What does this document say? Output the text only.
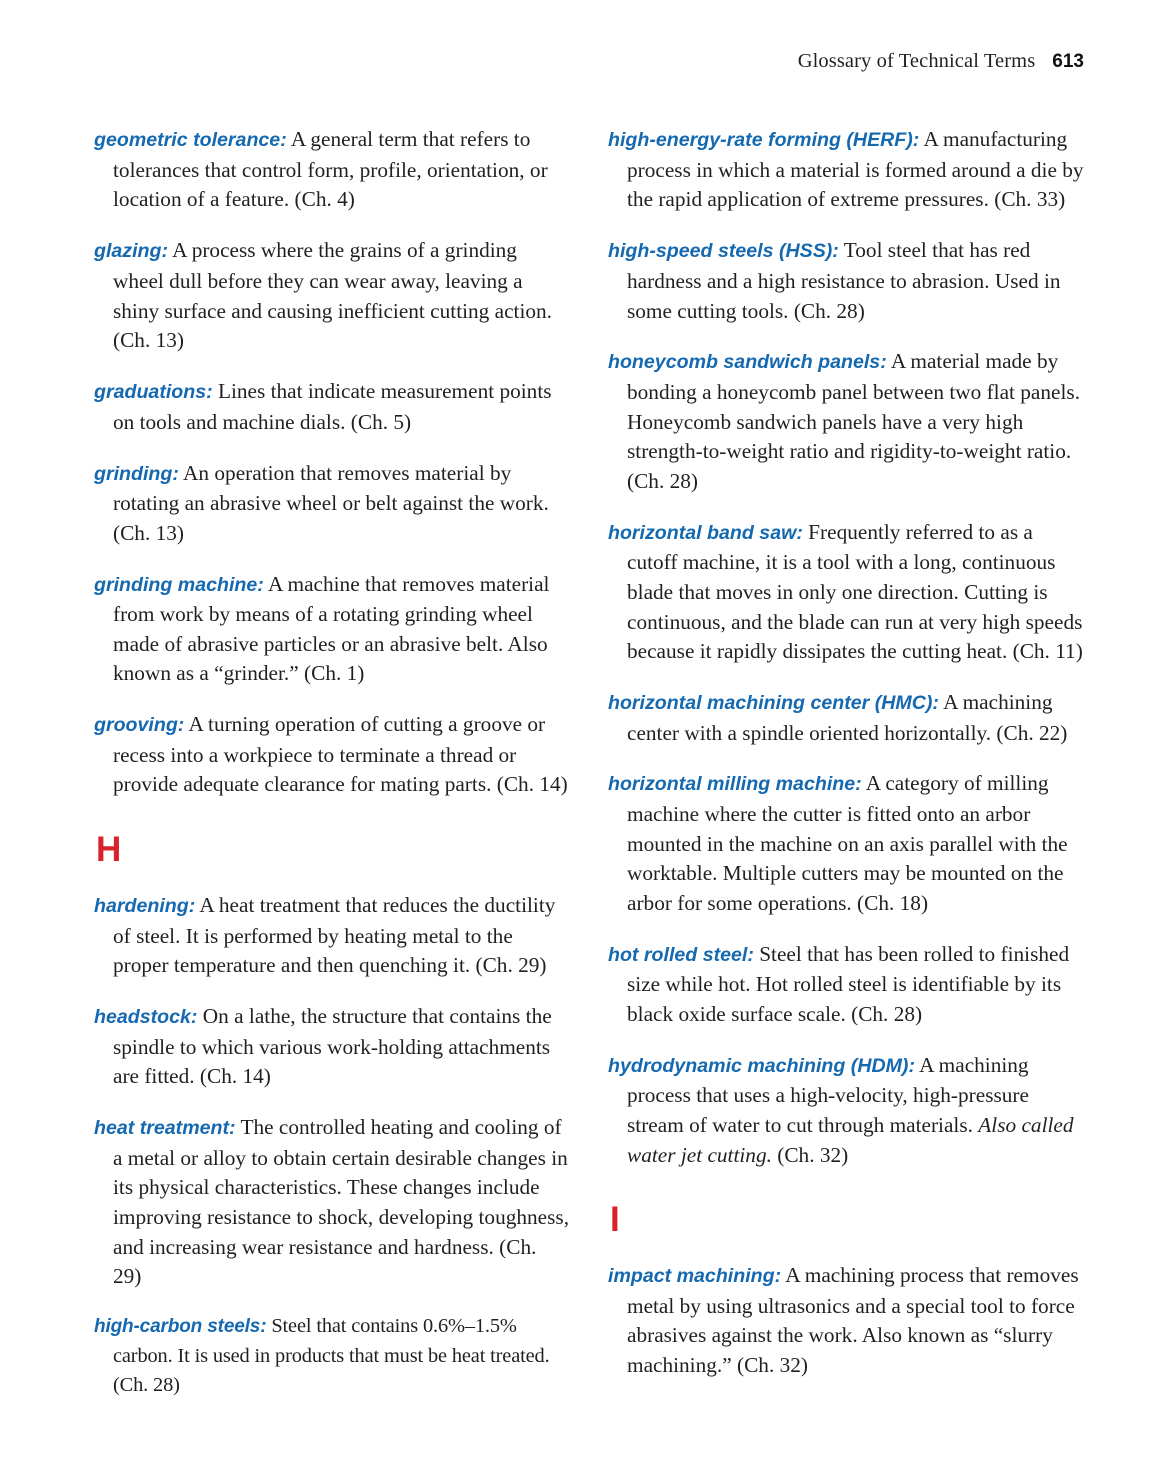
Glossary of Technical Terms 613

geometric tolerance: A general term that refers to tolerances that control form, profile, orientation, or location of a feature. (Ch. 4)

glazing: A process where the grains of a grinding wheel dull before they can wear away, leaving a shiny surface and causing inefficient cutting action. (Ch. 13)

graduations: Lines that indicate measurement points on tools and machine dials. (Ch. 5)

grinding: An operation that removes material by rotating an abrasive wheel or belt against the work. (Ch. 13)

grinding machine: A machine that removes material from work by means of a rotating grinding wheel made of abrasive particles or an abrasive belt. Also known as a “grinder.” (Ch. 1)

grooving: A turning operation of cutting a groove or recess into a workpiece to terminate a thread or provide adequate clearance for mating parts. (Ch. 14)

H

hardening: A heat treatment that reduces the ductility of steel. It is performed by heating metal to the proper temperature and then quenching it. (Ch. 29)

headstock: On a lathe, the structure that contains the spindle to which various work-holding attachments are fitted. (Ch. 14)

heat treatment: The controlled heating and cooling of a metal or alloy to obtain certain desirable changes in its physical characteristics. These changes include improving resistance to shock, developing toughness, and increasing wear resistance and hardness. (Ch. 29)

high-carbon steels: Steel that contains 0.6%–1.5% carbon. It is used in products that must be heat treated. (Ch. 28)

high-energy-rate forming (HERF): A manufacturing process in which a material is formed around a die by the rapid application of extreme pressures. (Ch. 33)

high-speed steels (HSS): Tool steel that has red hardness and a high resistance to abrasion. Used in some cutting tools. (Ch. 28)

honeycomb sandwich panels: A material made by bonding a honeycomb panel between two flat panels. Honeycomb sandwich panels have a very high strength-to-weight ratio and rigidity-to-weight ratio. (Ch. 28)

horizontal band saw: Frequently referred to as a cutoff machine, it is a tool with a long, continuous blade that moves in only one direction. Cutting is continuous, and the blade can run at very high speeds because it rapidly dissipates the cutting heat. (Ch. 11)

horizontal machining center (HMC): A machining center with a spindle oriented horizontally. (Ch. 22)

horizontal milling machine: A category of milling machine where the cutter is fitted onto an arbor mounted in the machine on an axis parallel with the worktable. Multiple cutters may be mounted on the arbor for some operations. (Ch. 18)

hot rolled steel: Steel that has been rolled to finished size while hot. Hot rolled steel is identifiable by its black oxide surface scale. (Ch. 28)

hydrodynamic machining (HDM): A machining process that uses a high-velocity, high-pressure stream of water to cut through materials. Also called water jet cutting. (Ch. 32)

I

impact machining: A machining process that removes metal by using ultrasonics and a special tool to force abrasives against the work. Also known as “slurry machining.” (Ch. 32)
